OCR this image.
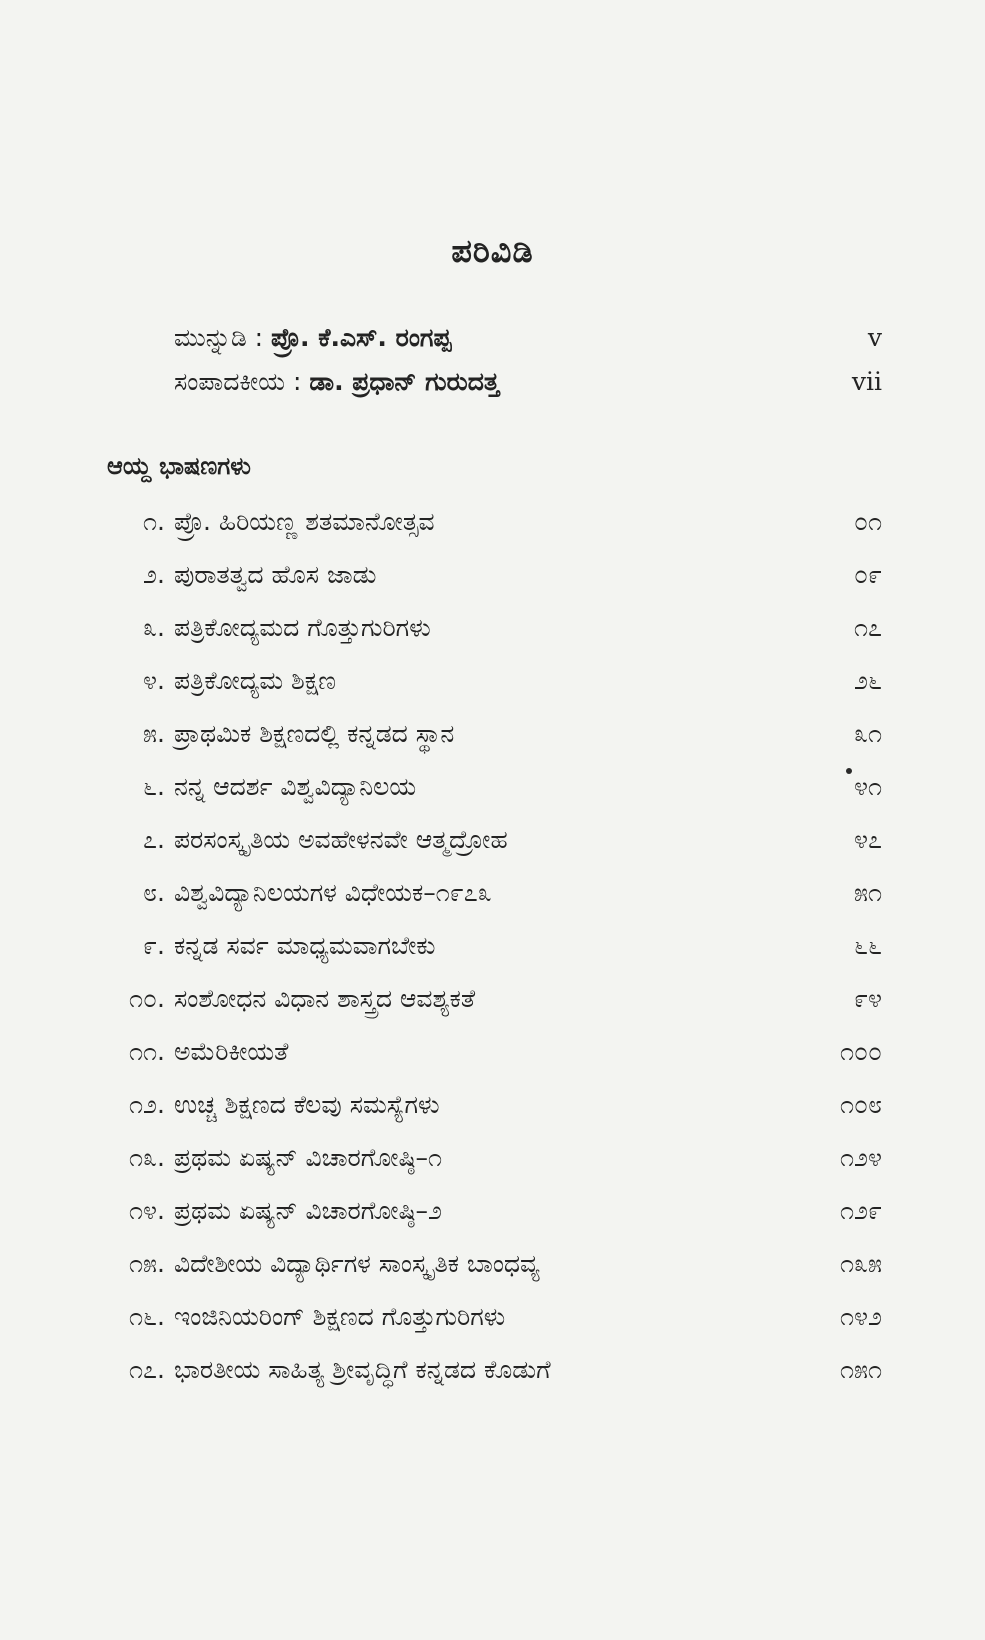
ಪರಿವಿಡಿ
ಮುನ್ನುಡಿ : ಪ್ರೊ. ಕೆ.ಎಸ್. ರಂಗಪ್ಪ	v
ಸಂಪಾದಕೀಯ : ಡಾ. ಪ್ರಧಾನ್ ಗುರುದತ್ತ	vii
ಆಯ್ದ ಭಾಷಣಗಳು
೧. ಪ್ರೊ. ಹಿರಿಯಣ್ಣ ಶತಮಾನೋತ್ಸವ	೦೧
೨. ಪುರಾತತ್ವದ ಹೊಸ ಜಾಡು	೦೯
೩. ಪತ್ರಿಕೋದ್ಯಮದ ಗೊತ್ತುಗುರಿಗಳು	೧೭
೪. ಪತ್ರಿಕೋದ್ಯಮ ಶಿಕ್ಷಣ	೨೬
೫. ಪ್ರಾಥಮಿಕ ಶಿಕ್ಷಣದಲ್ಲಿ ಕನ್ನಡದ ಸ್ಥಾನ	೩೧
೬. ನನ್ನ ಆದರ್ಶ ವಿಶ್ವವಿದ್ಯಾನಿಲಯ	೪೧
೭. ಪರಸಂಸ್ಕೃತಿಯ ಅವಹೇಳನವೇ ಆತ್ಮದ್ರೋಹ	೪೭
೮. ವಿಶ್ವವಿದ್ಯಾನಿಲಯಗಳ ವಿಧೇಯಕ–೧೯೭೩	೫೧
೯. ಕನ್ನಡ ಸರ್ವ ಮಾಧ್ಯಮವಾಗಬೇಕು	೬೬
೧೦. ಸಂಶೋಧನ ವಿಧಾನ ಶಾಸ್ತ್ರದ ಆವಶ್ಯಕತೆ	೯೪
೧೧. ಅಮೆರಿಕೀಯತೆ	೧೦೦
೧೨. ಉಚ್ಚ ಶಿಕ್ಷಣದ ಕೆಲವು ಸಮಸ್ಯೆಗಳು	೧೦೮
೧೩. ಪ್ರಥಮ ಏಷ್ಯನ್ ವಿಚಾರಗೋಷ್ಠಿ–೧	೧೨೪
೧೪. ಪ್ರಥಮ ಏಷ್ಯನ್ ವಿಚಾರಗೋಷ್ಠಿ–೨	೧೨೯
೧೫. ವಿದೇಶೀಯ ವಿದ್ಯಾರ್ಥಿಗಳ ಸಾಂಸ್ಕೃತಿಕ ಬಾಂಧವ್ಯ	೧೩೫
೧೬. ಇಂಜಿನಿಯರಿಂಗ್ ಶಿಕ್ಷಣದ ಗೊತ್ತುಗುರಿಗಳು	೧೪೨
೧೭. ಭಾರತೀಯ ಸಾಹಿತ್ಯ ಶ್ರೀವೃದ್ಧಿಗೆ ಕನ್ನಡದ ಕೊಡುಗೆ	೧೫೧
